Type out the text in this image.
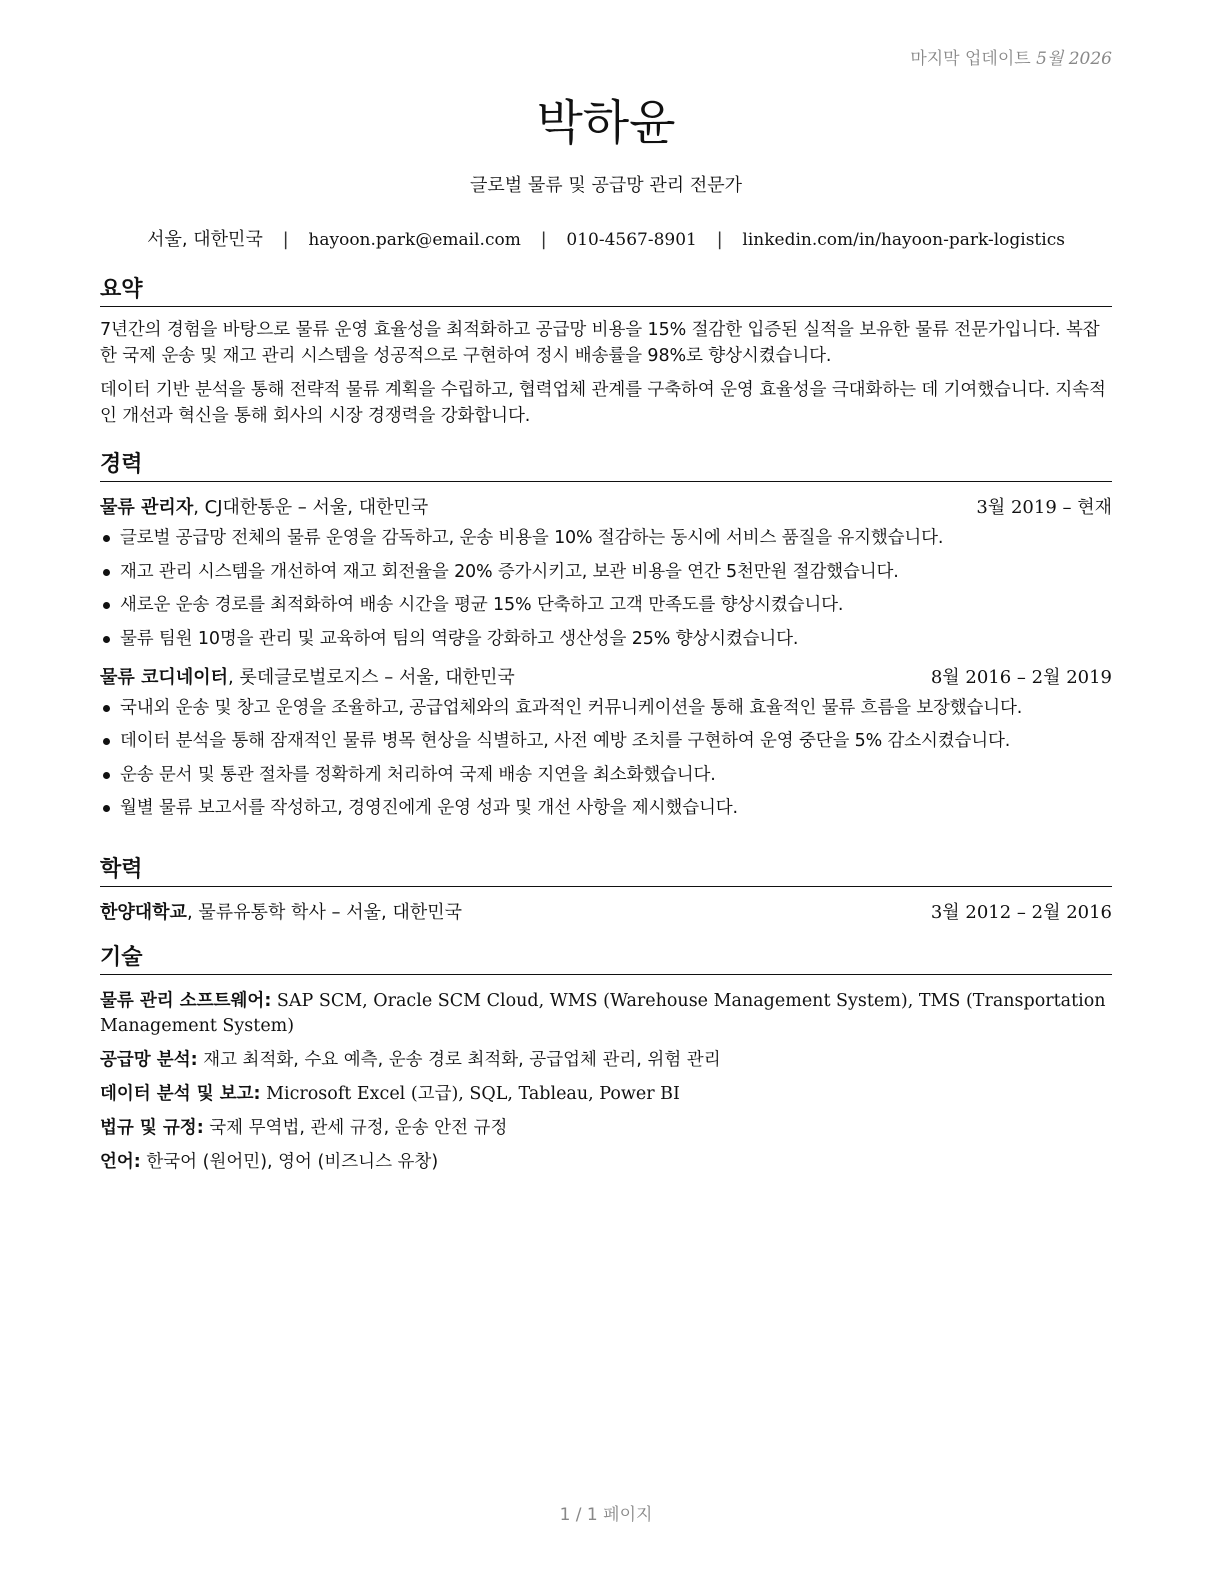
마지막 업데이트 5월 2026
박하윤
글로벌 물류 및 공급망 관리 전문가
서울, 대한민국 | hayoon.park@email.com | 010-4567-8901 | linkedin.com/in/hayoon-park-logistics
요약

7년간의 경험을 바탕으로 물류 운영 효율성을 최적화하고 공급망 비용을 15% 절감한 입증된 실적을 보유한 물류 전문가입니다. 복잡한 국제 운송 및 재고 관리 시스템을 성공적으로 구현하여 정시 배송률을 98%로 향상시켰습니다.

데이터 기반 분석을 통해 전략적 물류 계획을 수립하고, 협력업체 관계를 구축하여 운영 효율성을 극대화하는 데 기여했습니다. 지속적인 개선과 혁신을 통해 회사의 시장 경쟁력을 강화합니다.

경력
물류 관리자, CJ대한통운 – 서울, 대한민국	3월 2019 – 현재
글로벌 공급망 전체의 물류 운영을 감독하고, 운송 비용을 10% 절감하는 동시에 서비스 품질을 유지했습니다.
재고 관리 시스템을 개선하여 재고 회전율을 20% 증가시키고, 보관 비용을 연간 5천만원 절감했습니다.
새로운 운송 경로를 최적화하여 배송 시간을 평균 15% 단축하고 고객 만족도를 향상시켰습니다.
물류 팀원 10명을 관리 및 교육하여 팀의 역량을 강화하고 생산성을 25% 향상시켰습니다.
물류 코디네이터, 롯데글로벌로지스 – 서울, 대한민국	8월 2016 – 2월 2019
국내외 운송 및 창고 운영을 조율하고, 공급업체와의 효과적인 커뮤니케이션을 통해 효율적인 물류 흐름을 보장했습니다.
데이터 분석을 통해 잠재적인 물류 병목 현상을 식별하고, 사전 예방 조치를 구현하여 운영 중단을 5% 감소시켰습니다.
운송 문서 및 통관 절차를 정확하게 처리하여 국제 배송 지연을 최소화했습니다.
월별 물류 보고서를 작성하고, 경영진에게 운영 성과 및 개선 사항을 제시했습니다.
학력
한양대학교, 물류유통학 학사 – 서울, 대한민국	3월 2012 – 2월 2016
기술
물류 관리 소프트웨어: SAP SCM, Oracle SCM Cloud, WMS (Warehouse Management System), TMS (Transportation Management System)
공급망 분석: 재고 최적화, 수요 예측, 운송 경로 최적화, 공급업체 관리, 위험 관리
데이터 분석 및 보고: Microsoft Excel (고급), SQL, Tableau, Power BI
법규 및 규정: 국제 무역법, 관세 규정, 운송 안전 규정
언어: 한국어 (원어민), 영어 (비즈니스 유창)
1 / 1 페이지
